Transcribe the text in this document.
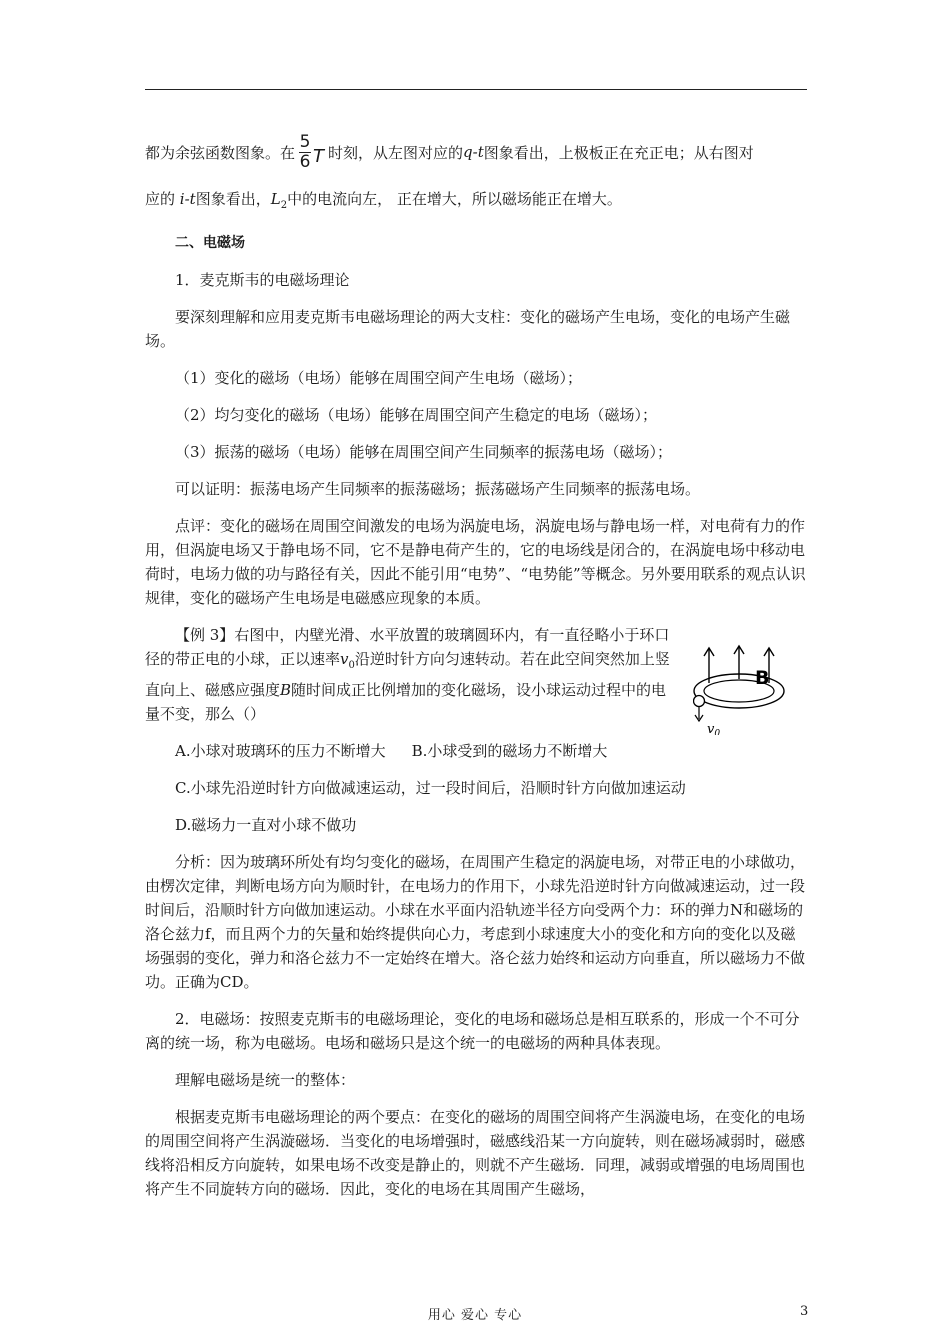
都为余弦函数图象。在
5
6 T 时刻，从左图对应的 q -t 图象看出，上极板正在充正电；从右图对

应的 i-t图象看出，$L_2$中的电流向左， 正在增大，所以磁场能正在增大。

二、电磁场

1．麦克斯韦的电磁场理论

要深刻理解和应用麦克斯韦电磁场理论的两大支柱：变化的磁场产生电场，变化的电场产生磁场。

（1）变化的磁场（电场）能够在周围空间产生电场（磁场）；

（2）均匀变化的磁场（电场）能够在周围空间产生稳定的电场（磁场）；

（3）振荡的磁场（电场）能够在周围空间产生同频率的振荡电场（磁场）；

可以证明：振荡电场产生同频率的振荡磁场；振荡磁场产生同频率的振荡电场。

点评：变化的磁场在周围空间激发的电场为涡旋电场，涡旋电场与静电场一样，对电荷有力的作用，但涡旋电场又于静电场不同，它不是静电荷产生的，它的电场线是闭合的，在涡旋电场中移动电荷时，电场力做的功与路径有关，因此不能引用“电势”、“电势能”等概念。另外要用联系的观点认识规律，变化的磁场产生电场是电磁感应现象的本质。

【例 3】右图中，内壁光滑、水平放置的玻璃圆环内，有一直径略小于环口径的带正电的小球，正以速率$v_0$沿逆时针方向匀速转动。若在此空间突然加上竖直向上、磁感应强度B随时间成正比例增加的变化磁场，设小球运动过程中的电量不变，那么（）

B
$v_0$

A.小球对玻璃环的压力不断增大 B.小球受到的磁场力不断增大

C.小球先沿逆时针方向做减速运动，过一段时间后，沿顺时针方向做加速运动

D.磁场力一直对小球不做功

分析：因为玻璃环所处有均匀变化的磁场，在周围产生稳定的涡旋电场，对带正电的小球做功，由楞次定律，判断电场方向为顺时针，在电场力的作用下，小球先沿逆时针方向做减速运动，过一段时间后，沿顺时针方向做加速运动。小球在水平面内沿轨迹半径方向受两个力：环的弹力N和磁场的洛仑兹力f，而且两个力的矢量和始终提供向心力，考虑到小球速度大小的变化和方向的变化以及磁场强弱的变化，弹力和洛仑兹力不一定始终在增大。洛仑兹力始终和运动方向垂直，所以磁场力不做功。正确为CD。

2．电磁场：按照麦克斯韦的电磁场理论，变化的电场和磁场总是相互联系的，形成一个不可分离的统一场，称为电磁场。电场和磁场只是这个统一的电磁场的两种具体表现。

理解电磁场是统一的整体：

根据麦克斯韦电磁场理论的两个要点：在变化的磁场的周围空间将产生涡漩电场，在变化的电场的周围空间将产生涡漩磁场．当变化的电场增强时，磁感线沿某一方向旋转，则在磁场减弱时，磁感线将沿相反方向旋转，如果电场不改变是静止的，则就不产生磁场．同理，减弱或增强的电场周围也将产生不同旋转方向的磁场．因此，变化的电场在其周围产生磁场，

用心 爱心 专心	3
